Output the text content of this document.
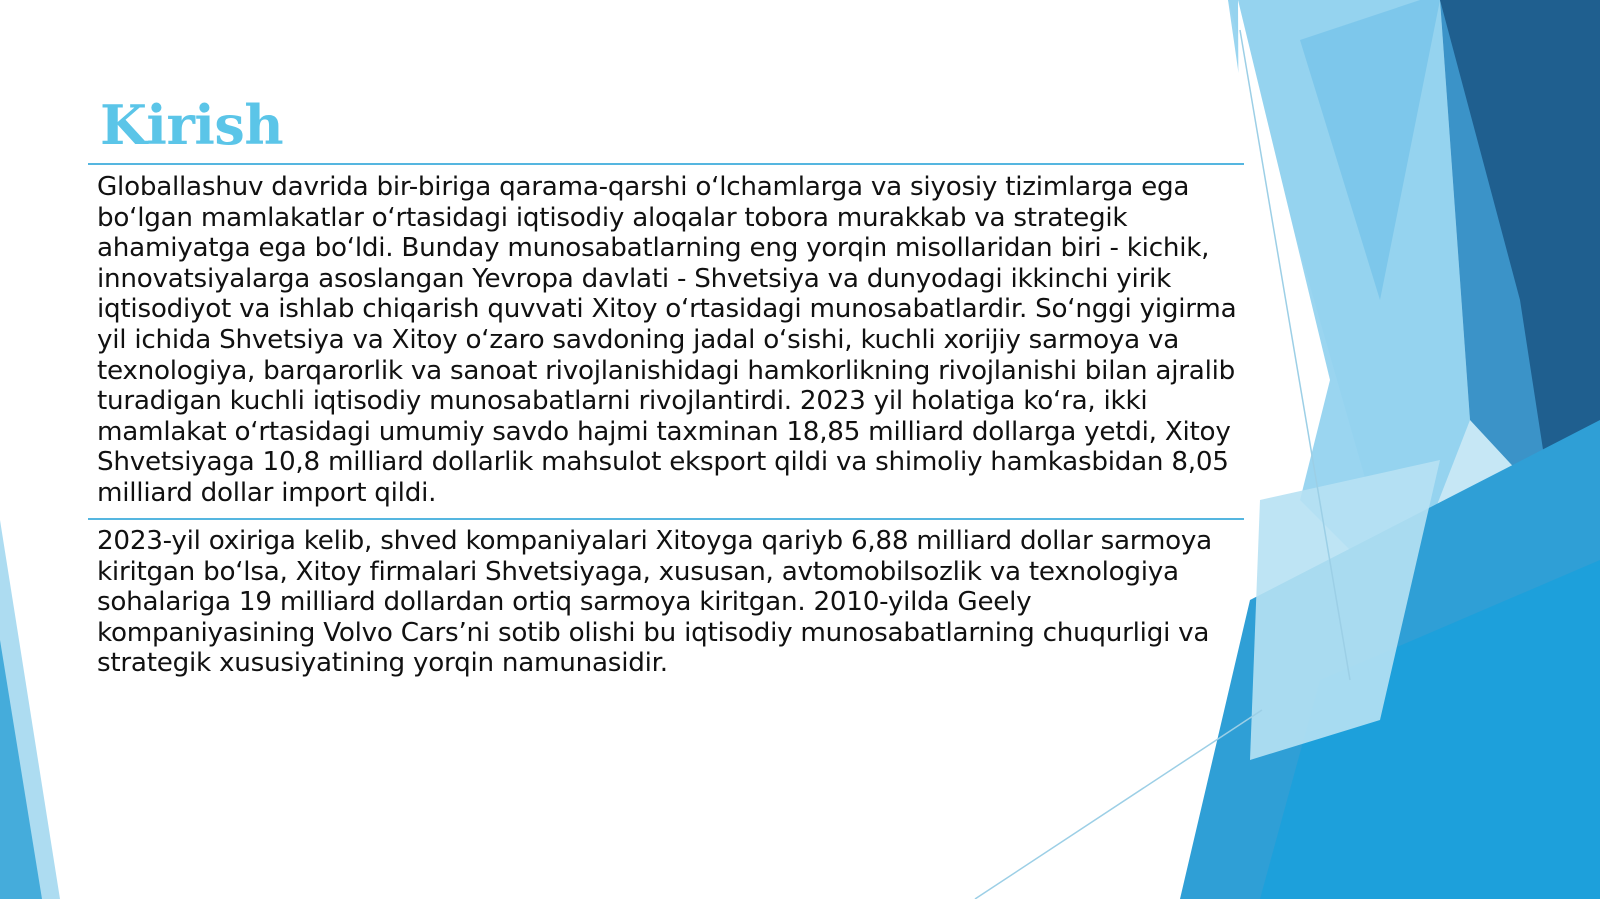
Kirish

Globallashuv davrida bir-biriga qarama-qarshi o‘lchamlarga va siyosiy tizimlarga ega bo‘lgan mamlakatlar o‘rtasidagi iqtisodiy aloqalar tobora murakkab va strategik ahamiyatga ega bo‘ldi. Bunday munosabatlarning eng yorqin misollaridan biri - kichik, innovatsiyalarga asoslangan Yevropa davlati - Shvetsiya va dunyodagi ikkinchi yirik iqtisodiyot va ishlab chiqarish quvvati Xitoy o‘rtasidagi munosabatlardir. So‘nggi yigirma yil ichida Shvetsiya va Xitoy o‘zaro savdoning jadal o‘sishi, kuchli xorijiy sarmoya va texnologiya, barqarorlik va sanoat rivojlanishidagi hamkorlikning rivojlanishi bilan ajralib turadigan kuchli iqtisodiy munosabatlarni rivojlantirdi. 2023 yil holatiga ko‘ra, ikki mamlakat o‘rtasidagi umumiy savdo hajmi taxminan 18,85 milliard dollarga yetdi, Xitoy Shvetsiyaga 10,8 milliard dollarlik mahsulot eksport qildi va shimoliy hamkasbidan 8,05 milliard dollar import qildi.

2023-yil oxiriga kelib, shved kompaniyalari Xitoyga qariyb 6,88 milliard dollar sarmoya kiritgan bo‘lsa, Xitoy firmalari Shvetsiyaga, xususan, avtomobilsozlik va texnologiya sohalariga 19 milliard dollardan ortiq sarmoya kiritgan. 2010-yilda Geely kompaniyasining Volvo Cars’ni sotib olishi bu iqtisodiy munosabatlarning chuqurligi va strategik xususiyatining yorqin namunasidir.
